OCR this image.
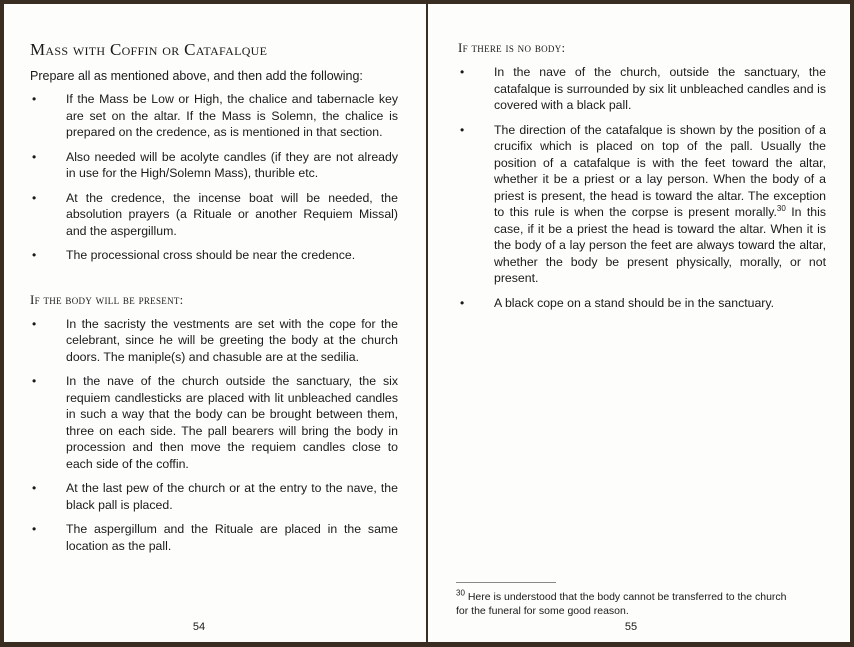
Mass with Coffin or Catafalque

Prepare all as mentioned above, and then add the following:

• If the Mass be Low or High, the chalice and tabernacle key are set on the altar. If the Mass is Solemn, the chalice is prepared on the credence, as is mentioned in that section.
• Also needed will be acolyte candles (if they are not already in use for the High/Solemn Mass), thurible etc.
• At the credence, the incense boat will be needed, the absolution prayers (a Rituale or another Requiem Missal) and the aspergillum.
• The processional cross should be near the credence.
If the body will be present:
• In the sacristy the vestments are set with the cope for the celebrant, since he will be greeting the body at the church doors. The maniple(s) and chasuble are at the sedilia.
• In the nave of the church outside the sanctuary, the six requiem candlesticks are placed with lit unbleached candles in such a way that the body can be brought between them, three on each side. The pall bearers will bring the body in procession and then move the requiem candles close to each side of the coffin.
• At the last pew of the church or at the entry to the nave, the black pall is placed.
• The aspergillum and the Rituale are placed in the same location as the pall.
54
If there is no body:
• In the nave of the church, outside the sanctuary, the catafalque is surrounded by six lit unbleached candles and is covered with a black pall.
• The direction of the catafalque is shown by the position of a crucifix which is placed on top of the pall. Usually the position of a catafalque is with the feet toward the altar, whether it be a priest or a lay person. When the body of a priest is present, the head is toward the altar. The exception to this rule is when the corpse is present morally.$^{30}$ In this case, if it be a priest the head is toward the altar. When it is the body of a lay person the feet are always toward the altar, whether the body be present physically, morally, or not present.
• A black cope on a stand should be in the sanctuary.
$^{30}$ Here is understood that the body cannot be transferred to the church for the funeral for some good reason.
55
